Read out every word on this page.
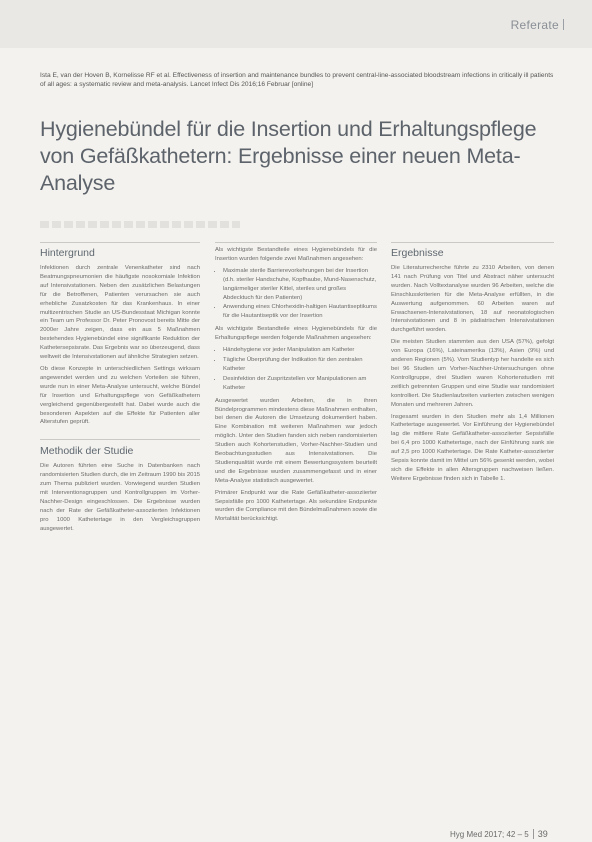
Referate
Ista E, van der Hoven B, Kornelisse RF et al. Effectiveness of insertion and maintenance bundles to prevent central-line-associated bloodstream infections in critically ill patients of all ages: a systematic review and meta-analysis. Lancet Infect Dis 2016;16 Februar [online]
Hygienebündel für die Insertion und Erhaltungspflege von Gefäßkathetern: Ergebnisse einer neuen Meta-Analyse
Hintergrund

Infektionen durch zentrale Venenkatheter sind nach Beatmungspneumonien die häufigste nosokomiale Infektion auf Intensivstationen. Neben den zusätzlichen Belastungen für die Betroffenen, Patienten verursachen sie auch erhebliche Zusatzkosten für das Krankenhaus. In einer multizentrischen Studie an US-Bundesstaat Michigan konnte ein Team um Professor Dr. Peter Pronovost bereits Mitte der 2000er Jahre zeigen, dass ein aus 5 Maßnahmen bestehendes Hygienebündel eine signifikante Reduktion der Kathetersepsisrate. Das Ergebnis war so überzeugend, dass weltweit die Intensivstationen auf ähnliche Strategien setzen.

Ob diese Konzepte in unterschiedlichen Settings wirksam angewendet werden und zu welchen Vorteilen sie führen, wurde nun in einer Meta-Analyse untersucht, welche Bündel für Insertion und Erhaltungspflege von Gefäßkathetern vergleichend gegenübergestellt hat. Dabei wurde auch die besonderen Aspekten auf die Effekte für Patienten aller Alterstufen geprüft.

Methodik der Studie

Die Autoren führten eine Suche in Datenbanken nach randomisierten Studien durch, die im Zeitraum 1990 bis 2015 zum Thema publiziert wurden. Vorwiegend wurden Studien mit Interventionsgruppen und Kontrollgruppen im Vorher-Nachher-Design eingeschlossen. Die Ergebnisse wurden nach der Rate der Gefäßkatheter-assoziierten Infektionen pro 1000 Kathetertage in den Vergleichsgruppen ausgewertet.

Als wichtigste Bestandteile eines Hygienebündels für die Insertion wurden folgende zwei Maßnahmen angesehen:

• Maximale sterile Barrierevorkehrungen bei der Insertion (d.h. steriler Handschuhe, Kopfhaube, Mund-Nasenschutz, langärmeliger steriler Kittel, steriles und großes Abdecktuch für den Patienten)
• Anwendung eines Chlorhexidin-haltigen Hautantiseptikums für die Hautantiseptik vor der Insertion

Als wichtigste Bestandteile eines Hygienebündels für die Erhaltungspflege werden folgende Maßnahmen angesehen:

• Händehygiene vor jeder Manipulation am Katheter
• Tägliche Überprüfung der Indikation für den zentralen Katheter
• Desinfektion der Zuspritzstellen vor Manipulationen am Katheter

Ausgewertet wurden Arbeiten, die in ihren Bündelprogrammen mindestens diese Maßnahmen enthalten, bei denen die Autoren die Umsetzung dokumentiert haben. Eine Kombination mit weiteren Maßnahmen war jedoch möglich. Unter den Studien fanden sich neben randomisierten Studien auch Kohortenstudien, Vorher-Nachher-Studien und Beobachtungsstudien aus Intensivstationen. Die Studienqualität wurde mit einem Bewertungssystem beurteilt und die Ergebnisse wurden zusammengefasst und in einer Meta-Analyse statistisch ausgewertet.

Primärer Endpunkt war die Rate Gefäßkatheter-assoziierter Sepsisfälle pro 1000 Kathetertage. Als sekundäre Endpunkte wurden die Compliance mit den Bündelmaßnahmen sowie die Mortalität berücksichtigt.

Ergebnisse

Die Literaturrecherche führte zu 2310 Arbeiten, von denen 141 nach Prüfung von Titel und Abstract näher untersucht wurden. Nach Volltextanalyse wurden 96 Arbeiten, welche die Einschlusskriterien für die Meta-Analyse erfüllten, in die Auswertung aufgenommen. 60 Arbeiten waren auf Erwachsenen-Intensivstationen, 18 auf neonatologischen Intensivstationen und 8 in pädiatrischen Intensivstationen durchgeführt worden.

Die meisten Studien stammten aus den USA (57%), gefolgt von Europa (16%), Lateinamerika (13%), Asien (9%) und anderen Regionen (5%). Vom Studientyp her handelte es sich bei 96 Studien um Vorher-Nachher-Untersuchungen ohne Kontrollgruppe, drei Studien waren Kohortenstudien mit zeitlich getrennten Gruppen und eine Studie war randomisiert kontrolliert. Die Studienlaufzeiten variierten zwischen wenigen Monaten und mehreren Jahren.

Insgesamt wurden in den Studien mehr als 1,4 Millionen Kathetertage ausgewertet. Vor Einführung der Hygienebündel lag die mittlere Rate Gefäßkatheter-assoziierter Sepsisfälle bei 6,4 pro 1000 Kathetertage, nach der Einführung sank sie auf 2,5 pro 1000 Kathetertage. Die Rate Katheter-assoziierter Sepsis konnte damit im Mittel um 56% gesenkt werden, wobei sich die Effekte in allen Altersgruppen nachweisen ließen. Weitere Ergebnisse finden sich in Tabelle 1.

Hyg Med 2017; 42 – 5 39
